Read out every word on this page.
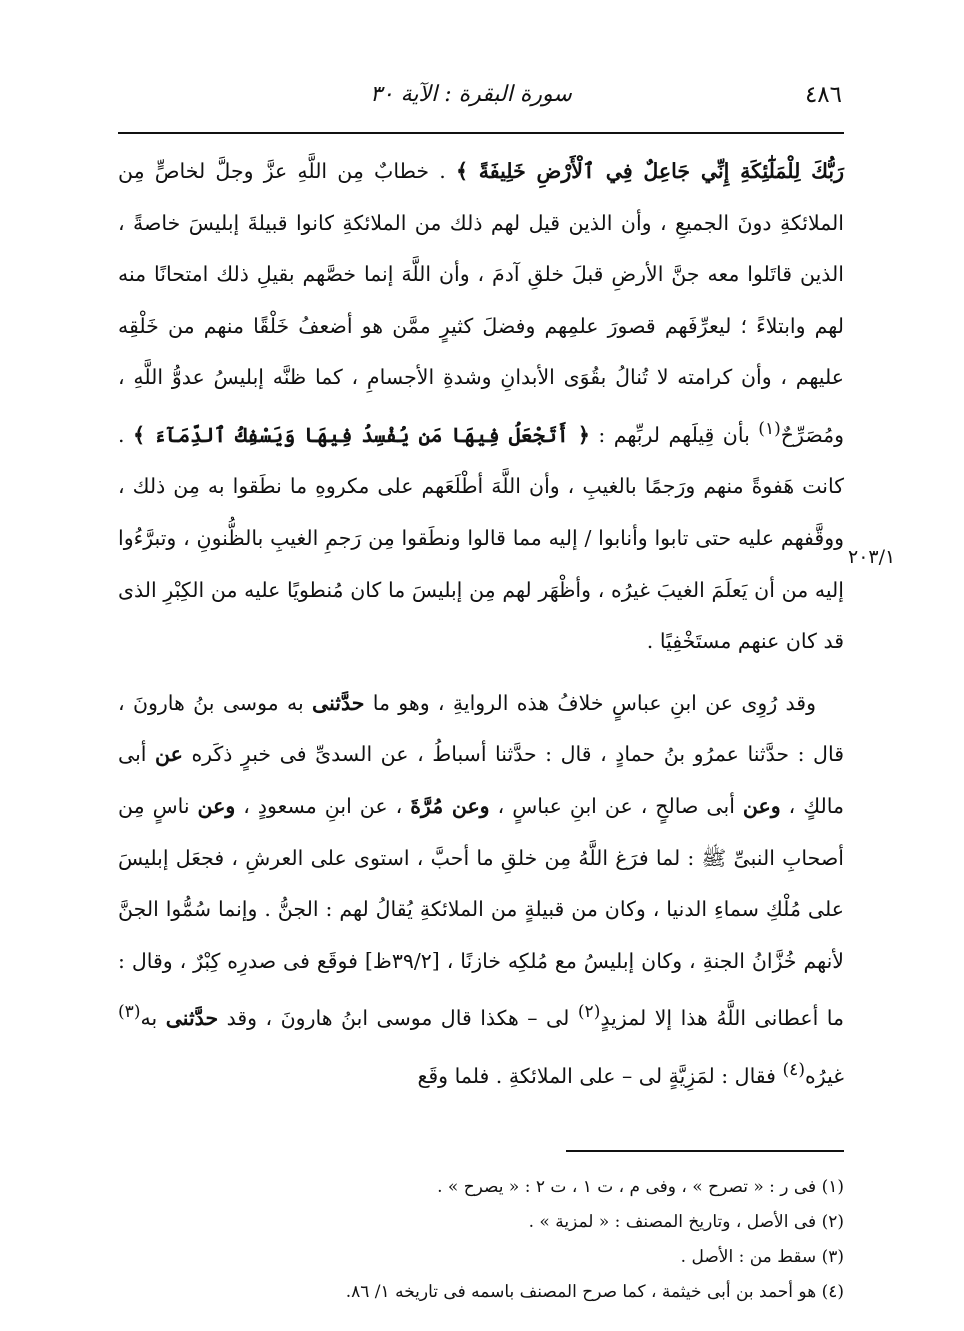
٤٨٦
سورة البقرة : الآية ٣٠
٢٠٣/١

رَبُّكَ لِلْمَلَٰٓئِكَةِ إِنِّي جَاعِلٌ فِي ٱلْأَرْضِ خَلِيفَةً ﴾ . خطابٌ مِن اللَّهِ عزَّ وجلَّ لخاصٍّ مِن الملائكةِ دونَ الجميعِ ، وأن الذين قيل لهم ذلك من الملائكةِ كانوا قبيلةَ إبليسَ خاصةً ، الذين قاتَلوا معه جنَّ الأرضِ قبلَ خلقِ آدمَ ، وأن اللَّهَ إنما خصَّهم بقيلِ ذلك امتحانًا منه لهم وابتلاءً ؛ ليعرِّفَهم قصورَ علمِهم وفضلَ كثيرٍ ممَّن هو أضعفُ خَلْقًا منهم من خَلْقِه عليهم ، وأن كرامته لا تُنالُ بقُوَى الأبدانِ وشدةِ الأجسامِ ، كما ظنَّه إبليسُ عدوُّ اللَّهِ ، ومُصَرِّحٌ$^{(١)}$ بأن قِيلَهم لربِّهم : ﴿ أَتَجْعَلُ فِيهَا مَن يُفْسِدُ فِيهَا وَيَسْفِكُ ٱلدِّمَآءَ ﴾ . كانت هَفوةً منهم ورَجمًا بالغيبِ ، وأن اللَّهَ أطْلَعَهم على مكروهِ ما نطَقوا به مِن ذلك ، ووقَّفهم عليه حتى تابوا وأنابوا / إليه مما قالوا ونطَقوا مِن رَجمِ الغيبِ بالظُّنونِ ، وتبرَّءُوا إليه من أن يَعلَمَ الغيبَ غيرُه ، وأظْهَر لهم مِن إبليسَ ما كان مُنطويًا عليه من الكِبْرِ الذى قد كان عنهم مستَخْفِيًا .

وقد رُوِى عن ابنِ عباسٍ خلافُ هذه الروايةِ ، وهو ما حدَّثنى به موسى بنُ هارونَ ، قال : حدَّثنا عمرُو بنُ حمادٍ ، قال : حدَّثنا أسباطُ ، عن السدىِّ فى خبرٍ ذكَره عن أبى مالكٍ ، وعن أبى صالحٍ ، عن ابنِ عباسٍ ، وعن مُرَّةَ ، عن ابنِ مسعودٍ ، وعن ناسٍ مِن أصحابِ النبىِّ ﷺ : لما فرَغ اللَّهُ مِن خلقِ ما أحبَّ ، استوى على العرشِ ، فجعَل إبليسَ على مُلْكِ سماءِ الدنيا ، وكان من قبيلةٍ من الملائكةِ يُقالُ لهم : الجنُّ . وإنما سُمُّوا الجنَّ لأنهم خُزَّانُ الجنةِ ، وكان إبليسُ مع مُلكِه خازنًا ، [٣٩/٢ظ] فوقَع فى صدرِه كِبْرٌ ، وقال : ما أعطانى اللَّهُ هذا إلا لمزيدٍ$^{(٢)}$ لى – هكذا قال موسى ابنُ هارونَ ، وقد حدَّثنى به$^{(٣)}$ غيرُه$^{(٤)}$ فقال : لمَزِيَّةٍ لى – على الملائكةِ . فلما وقَع

(١) فى ر : « تصرح » ، وفى م ، ت ١ ، ت ٢ : « يصرح » .
(٢) فى الأصل ، وتاريخ المصنف : « لمزية » .
(٣) سقط من : الأصل .
(٤) هو أحمد بن أبى خيثمة ، كما صرح المصنف باسمه فى تاريخه ١/ ٨٦.
